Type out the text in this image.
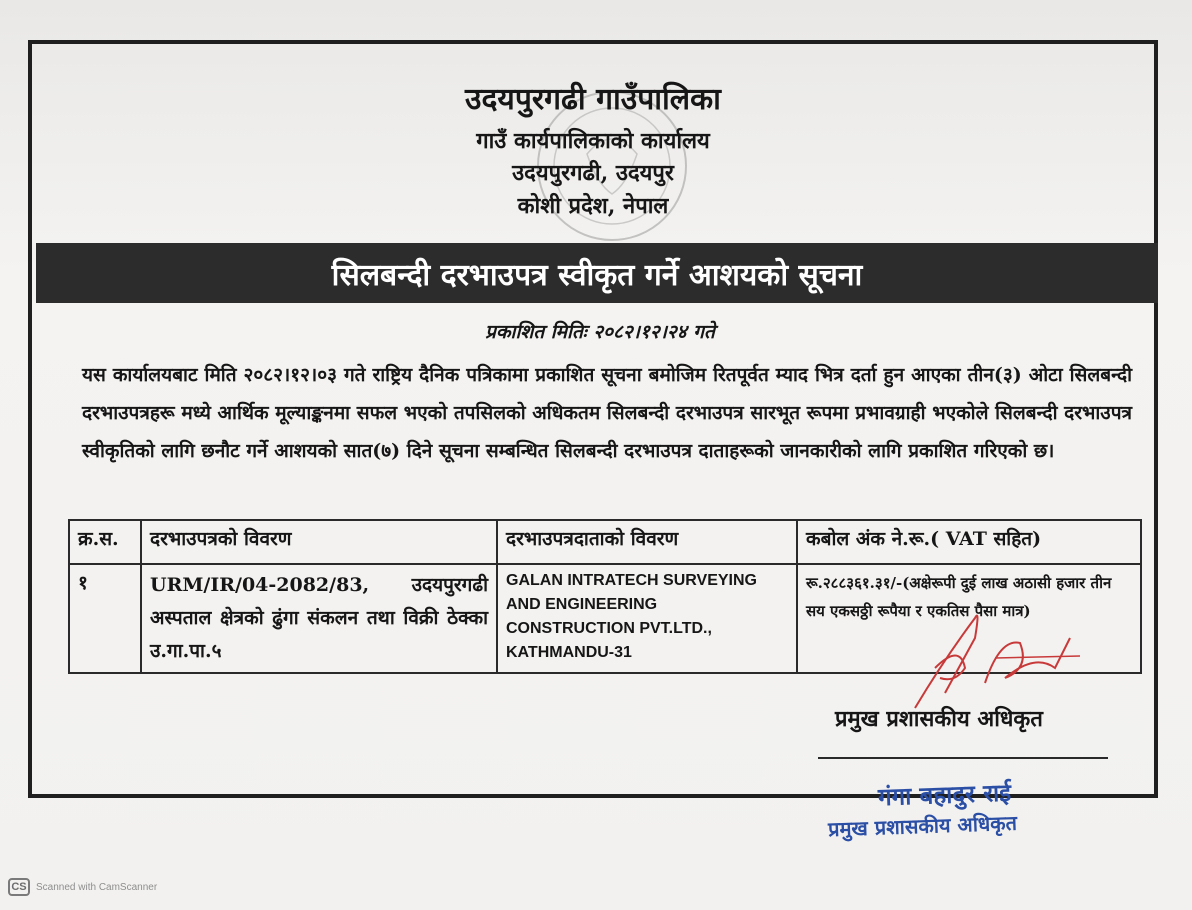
उदयपुरगढी गाउँपालिका
गाउँ कार्यपालिकाको कार्यालय
उदयपुरगढी, उदयपुर
कोशी प्रदेश, नेपाल
सिलबन्दी दरभाउपत्र स्वीकृत गर्ने आशयको सूचना
प्रकाशित मितिः २०८२।१२।२४ गते
यस कार्यालयबाट मिति २०८२।१२।०३ गते राष्ट्रिय दैनिक पत्रिकामा प्रकाशित सूचना बमोजिम रितपूर्वत म्याद भित्र दर्ता हुन आएका तीन(३) ओटा सिलबन्दी दरभाउपत्रहरू मध्ये आर्थिक मूल्याङ्कनमा सफल भएको तपसिलको अधिकतम सिलबन्दी दरभाउपत्र सारभूत रूपमा प्रभावग्राही भएकोले सिलबन्दी दरभाउपत्र स्वीकृतिको लागि छनौट गर्ने आशयको सात(७) दिने सूचना सम्बन्धित सिलबन्दी दरभाउपत्र दाताहरूको जानकारीको लागि प्रकाशित गरिएको छ।
क्र.स.	दरभाउपत्रको विवरण	दरभाउपत्रदाताको विवरण	कबोल अंक ने.रू.( VAT सहित)
१	URM/IR/04-2082/83, उदयपुरगढी अस्पताल क्षेत्रको ढुंगा संकलन तथा विक्री ठेक्का उ.गा.पा.५	GALAN INTRATECH SURVEYING AND ENGINEERING CONSTRUCTION PVT.LTD., KATHMANDU-31	रू.२८८३६१.३१/-(अक्षेरूपी दुई लाख अठासी हजार तीन सय एकसठ्ठी रूपैया र एकतिस पैसा मात्र)
प्रमुख प्रशासकीय अधिकृत
गंगा बहादुर राई
प्रमुख प्रशासकीय अधिकृत
CS Scanned with CamScanner
